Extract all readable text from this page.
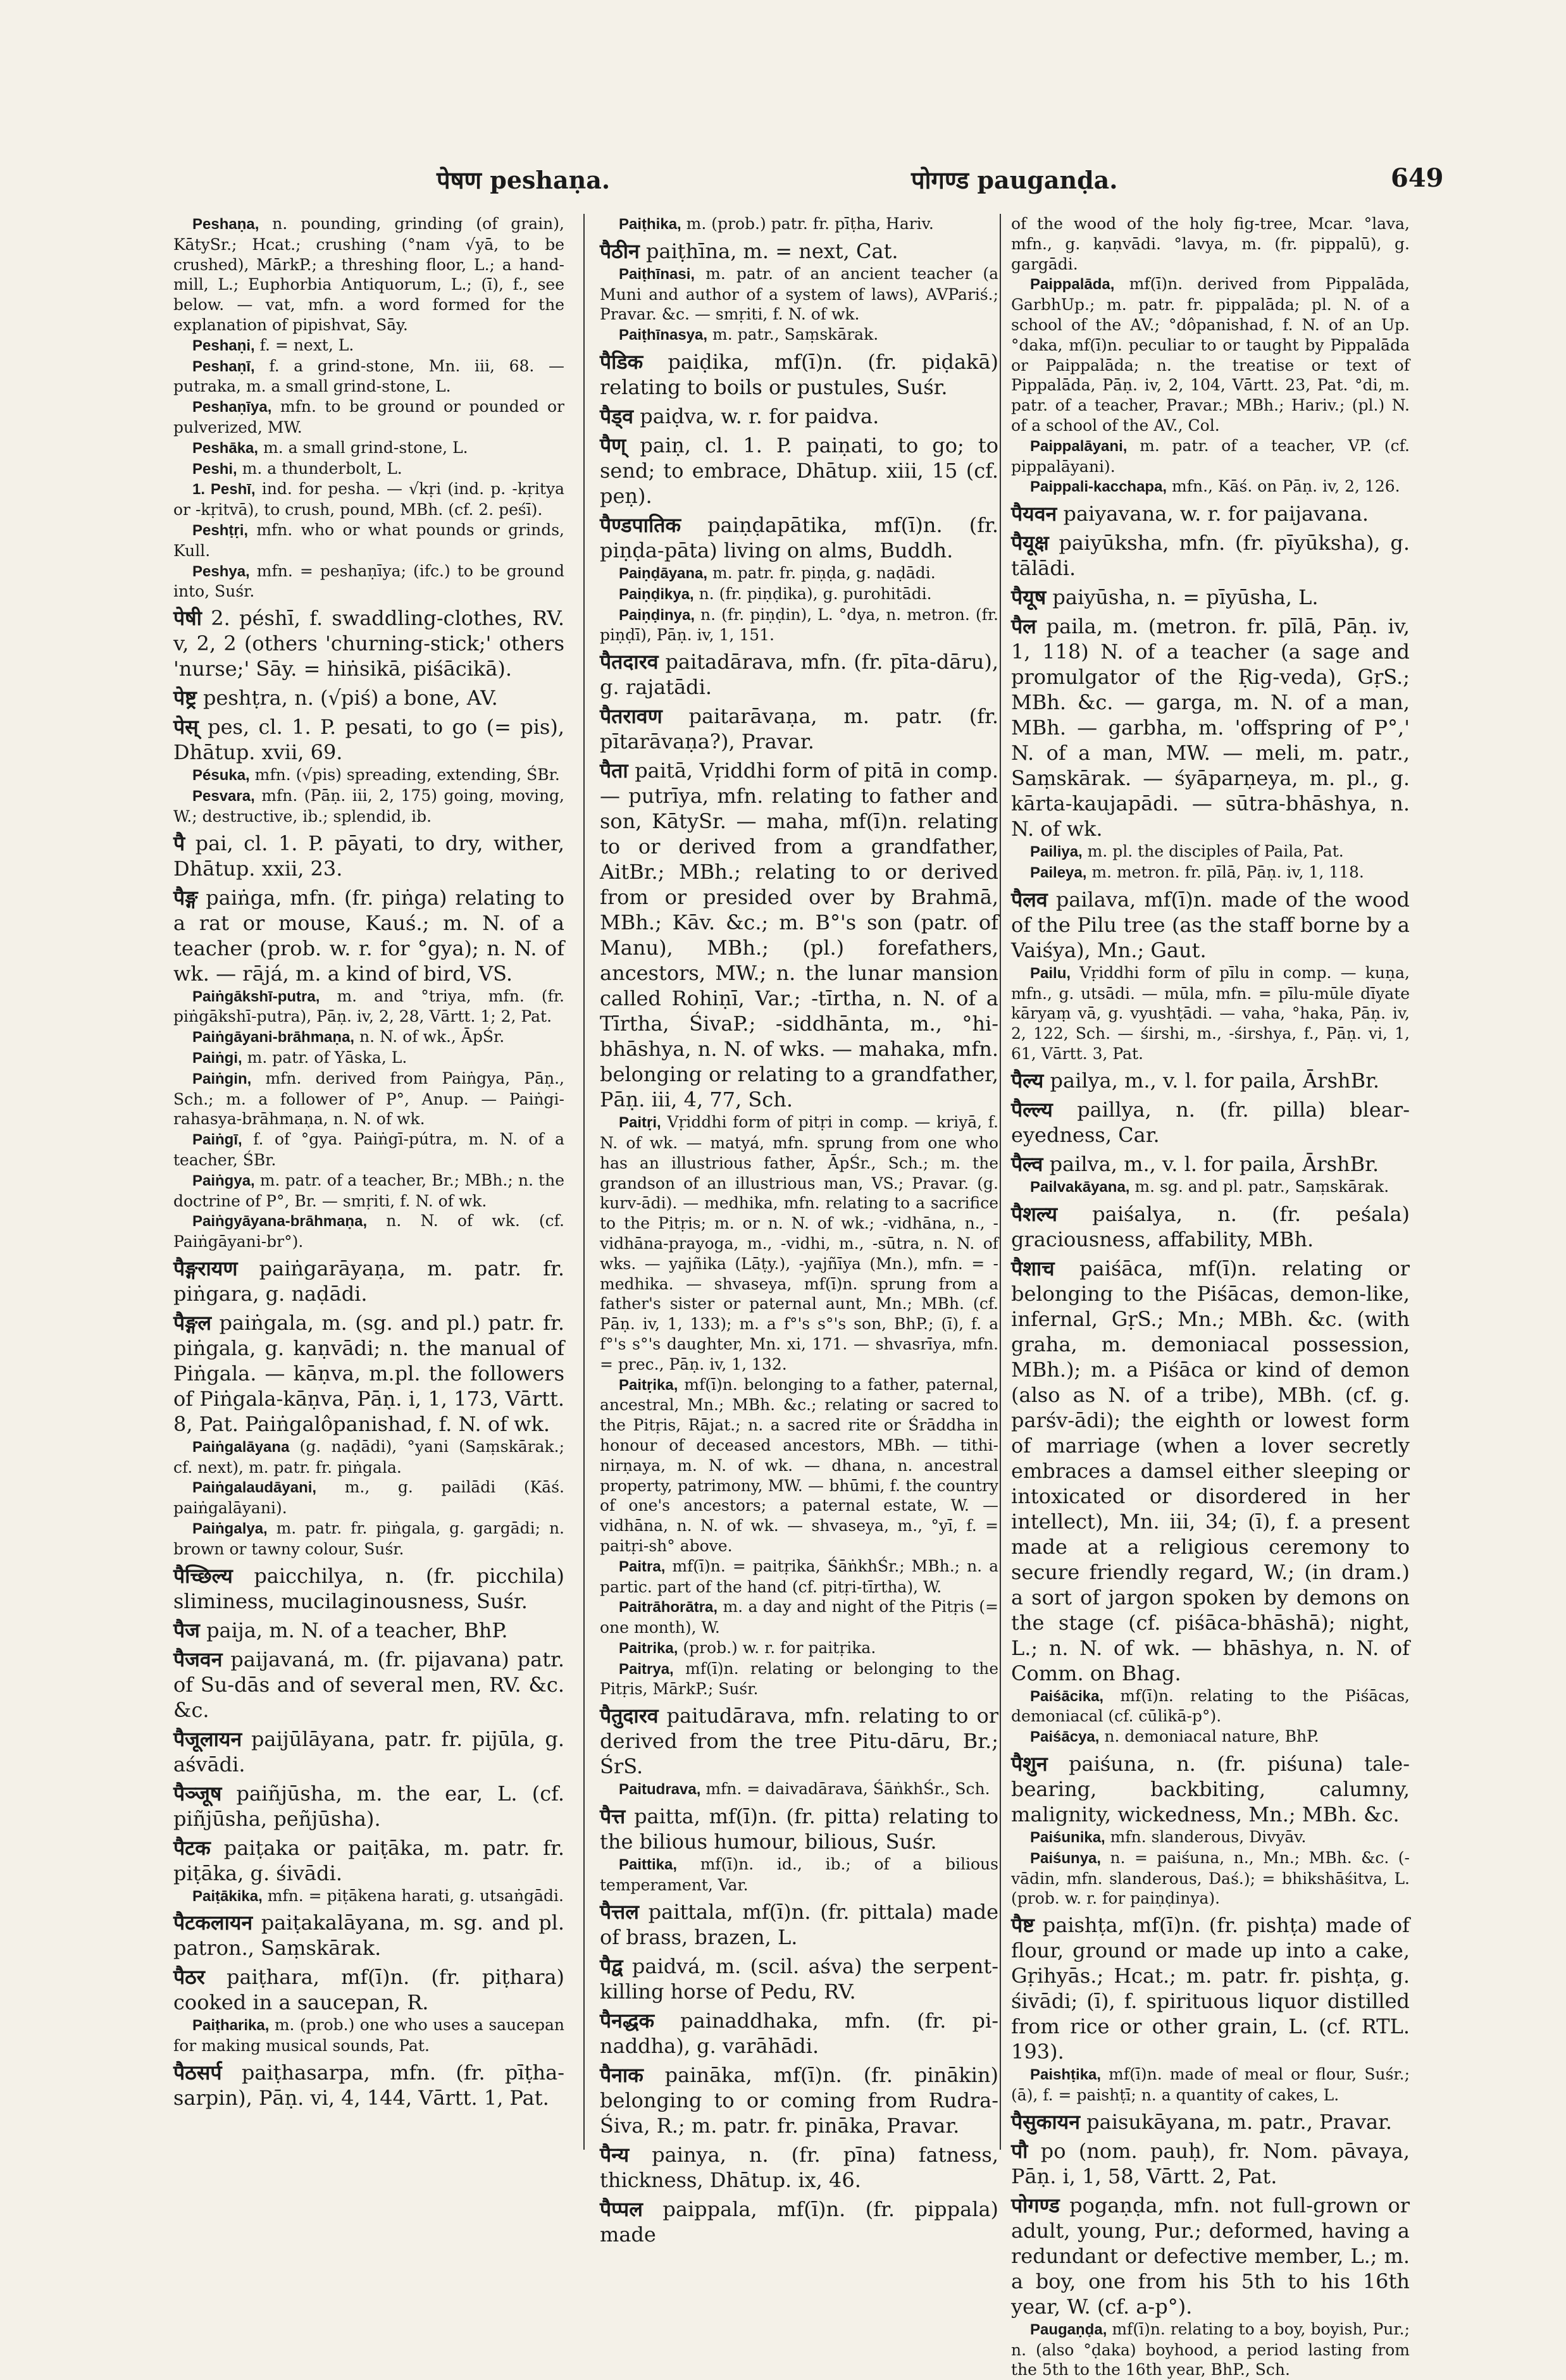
पेषण peshaṇa.	पोगण्ड pauganḍa.	649

Peshaṇa, n. pounding, grinding (of grain), KātySr.; Hcat.; crushing (°nam √yā, to be crushed), MārkP.; a threshing floor, L.; a hand-mill, L.; Euphorbia Antiquorum, L.; (ī), f., see below. — vat, mfn. a word formed for the explanation of pipishvat, Sāy.

Peshaṇi, f. = next, L.

Peshaṇī, f. a grind-stone, Mn. iii, 68. — putraka, m. a small grind-stone, L.

Peshaṇīya, mfn. to be ground or pounded or pulverized, MW.

Peshāka, m. a small grind-stone, L.

Peshi, m. a thunderbolt, L.

1. Peshī, ind. for pesha. — √kṛi (ind. p. -kṛitya or -kṛitvā), to crush, pound, MBh. (cf. 2. peśī).

Peshṭṛi, mfn. who or what pounds or grinds, Kull.

Peshya, mfn. = peshaṇīya; (ifc.) to be ground into, Suśr.

पेषी 2. péshī, f. swaddling-clothes, RV. v, 2, 2 (others 'churning-stick;' others 'nurse;' Sāy. = hiṅsikā, piśācikā).

पेष्ट्र peshṭra, n. (√piś) a bone, AV.

पेस् pes, cl. 1. P. pesati, to go (= pis), Dhātup. xvii, 69.

Pésuka, mfn. (√pis) spreading, extending, ŚBr.

Pesvara, mfn. (Pāṇ. iii, 2, 175) going, moving, W.; destructive, ib.; splendid, ib.

पै pai, cl. 1. P. pāyati, to dry, wither, Dhātup. xxii, 23.

पैङ्ग paiṅga, mfn. (fr. piṅga) relating to a rat or mouse, Kauś.; m. N. of a teacher (prob. w. r. for °gya); n. N. of wk. — rājá, m. a kind of bird, VS.

Paiṅgākshī-putra, m. and °triya, mfn. (fr. piṅgākshī-putra), Pāṇ. iv, 2, 28, Vārtt. 1; 2, Pat.

Paiṅgāyani-brāhmaṇa, n. N. of wk., ĀpŚr.

Paiṅgi, m. patr. of Yāska, L.

Paiṅgin, mfn. derived from Paiṅgya, Pāṇ., Sch.; m. a follower of P°, Anup. — Paiṅgi-rahasya-brāhmaṇa, n. N. of wk.

Paiṅgī, f. of °gya. Paiṅgī-pútra, m. N. of a teacher, ŚBr.

Paiṅgya, m. patr. of a teacher, Br.; MBh.; n. the doctrine of P°, Br. — smṛiti, f. N. of wk.

Paiṅgyāyana-brāhmaṇa, n. N. of wk. (cf. Paiṅgāyani-br°).

पैङ्गरायण paiṅgarāyaṇa, m. patr. fr. piṅgara, g. naḍādi.

पैङ्गल paiṅgala, m. (sg. and pl.) patr. fr. piṅgala, g. kaṇvādi; n. the manual of Piṅgala. — kāṇva, m.pl. the followers of Piṅgala-kāṇva, Pāṇ. i, 1, 173, Vārtt. 8, Pat. Paiṅgalôpanishad, f. N. of wk.

Paiṅgalāyana (g. naḍādi), °yani (Saṃskārak.; cf. next), m. patr. fr. piṅgala.

Paiṅgalaudāyani, m., g. pailādi (Kāś. paiṅgalāyani).

Paiṅgalya, m. patr. fr. piṅgala, g. gargādi; n. brown or tawny colour, Suśr.

पैच्छिल्य paicchilya, n. (fr. picchila) sliminess, mucilaginousness, Suśr.

पैज paija, m. N. of a teacher, BhP.

पैजवन paijavaná, m. (fr. pijavana) patr. of Su-dās and of several men, RV. &c. &c.

पैजूलायन paijūlāyana, patr. fr. pijūla, g. aśvādi.

पैञ्जूष paiñjūsha, m. the ear, L. (cf. piñjūsha, peñjūsha).

पैटक paiṭaka or paiṭāka, m. patr. fr. piṭāka, g. śivādi.

Paiṭākika, mfn. = piṭākena harati, g. utsaṅgādi.

पैटकलायन paiṭakalāyana, m. sg. and pl. patron., Saṃskārak.

पैठर paiṭhara, mf(ī)n. (fr. piṭhara) cooked in a saucepan, R.

Paiṭharika, m. (prob.) one who uses a saucepan for making musical sounds, Pat.

पैठसर्प paiṭhasarpa, mfn. (fr. pīṭha-sarpin), Pāṇ. vi, 4, 144, Vārtt. 1, Pat.

Paiṭhika, m. (prob.) patr. fr. pīṭha, Hariv.

पैठीन paiṭhīna, m. = next, Cat.

Paiṭhīnasi, m. patr. of an ancient teacher (a Muni and author of a system of laws), AVPariś.; Pravar. &c. — smṛiti, f. N. of wk.

Paiṭhīnasya, m. patr., Saṃskārak.

पैडिक paiḍika, mf(ī)n. (fr. piḍakā) relating to boils or pustules, Suśr.

पैड्व paiḍva, w. r. for paidva.

पैण् paiṇ, cl. 1. P. paiṇati, to go; to send; to embrace, Dhātup. xiii, 15 (cf. peṇ).

पैण्डपातिक paiṇḍapātika, mf(ī)n. (fr. piṇḍa-pāta) living on alms, Buddh.

Paiṇḍāyana, m. patr. fr. piṇḍa, g. naḍādi.

Paiṇḍikya, n. (fr. piṇḍika), g. purohitādi.

Paiṇḍinya, n. (fr. piṇḍin), L. °dya, n. metron. (fr. piṇḍī), Pāṇ. iv, 1, 151.

पैतदारव paitadārava, mfn. (fr. pīta-dāru), g. rajatādi.

पैतरावण paitarāvaṇa, m. patr. (fr. pītarāvaṇa?), Pravar.

पैता paitā, Vṛiddhi form of pitā in comp. — putrīya, mfn. relating to father and son, KātySr. — maha, mf(ī)n. relating to or derived from a grandfather, AitBr.; MBh.; relating to or derived from or presided over by Brahmā, MBh.; Kāv. &c.; m. B°'s son (patr. of Manu), MBh.; (pl.) forefathers, ancestors, MW.; n. the lunar mansion called Rohiṇī, Var.; -tīrtha, n. N. of a Tīrtha, ŚivaP.; -siddhānta, m., °hi-bhāshya, n. N. of wks. — mahaka, mfn. belonging or relating to a grandfather, Pāṇ. iii, 4, 77, Sch.

Paitṛi, Vṛiddhi form of pitṛi in comp. — kriyā, f. N. of wk. — matyá, mfn. sprung from one who has an illustrious father, ĀpŚr., Sch.; m. the grandson of an illustrious man, VS.; Pravar. (g. kurv-ādi). — medhika, mfn. relating to a sacrifice to the Pitṛis; m. or n. N. of wk.; -vidhāna, n., -vidhāna-prayoga, m., -vidhi, m., -sūtra, n. N. of wks. — yajñika (Lāṭy.), -yajñīya (Mn.), mfn. = -medhika. — shvaseya, mf(ī)n. sprung from a father's sister or paternal aunt, Mn.; MBh. (cf. Pāṇ. iv, 1, 133); m. a f°'s s°'s son, BhP.; (ī), f. a f°'s s°'s daughter, Mn. xi, 171. — shvasrīya, mfn. = prec., Pāṇ. iv, 1, 132.

Paitṛika, mf(ī)n. belonging to a father, paternal, ancestral, Mn.; MBh. &c.; relating or sacred to the Pitṛis, Rājat.; n. a sacred rite or Śrāddha in honour of deceased ancestors, MBh. — tithi-nirṇaya, m. N. of wk. — dhana, n. ancestral property, patrimony, MW. — bhūmi, f. the country of one's ancestors; a paternal estate, W. — vidhāna, n. N. of wk. — shvaseya, m., °yī, f. = paitṛi-sh° above.

Paitra, mf(ī)n. = paitṛika, ŚāṅkhŚr.; MBh.; n. a partic. part of the hand (cf. pitṛi-tīrtha), W.

Paitrāhorātra, m. a day and night of the Pitṛis (= one month), W.

Paitrika, (prob.) w. r. for paitṛika.

Paitrya, mf(ī)n. relating or belonging to the Pitṛis, MārkP.; Suśr.

पैतुदारव paitudārava, mfn. relating to or derived from the tree Pitu-dāru, Br.; ŚrS.

Paitudrava, mfn. = daivadārava, ŚāṅkhŚr., Sch.

पैत्त paitta, mf(ī)n. (fr. pitta) relating to the bilious humour, bilious, Suśr.

Paittika, mf(ī)n. id., ib.; of a bilious temperament, Var.

पैत्तल paittala, mf(ī)n. (fr. pittala) made of brass, brazen, L.

पैद्व paidvá, m. (scil. aśva) the serpent-killing horse of Pedu, RV.

पैनद्धक painaddhaka, mfn. (fr. pi-naddha), g. varāhādi.

पैनाक paināka, mf(ī)n. (fr. pinākin) belonging to or coming from Rudra-Śiva, R.; m. patr. fr. pināka, Pravar.

पैन्य painya, n. (fr. pīna) fatness, thickness, Dhātup. ix, 46.

पैप्पल paippala, mf(ī)n. (fr. pippala) made

of the wood of the holy fig-tree, Mcar. °lava, mfn., g. kaṇvādi. °lavya, m. (fr. pippalū), g. gargādi.

Paippalāda, mf(ī)n. derived from Pippalāda, GarbhUp.; m. patr. fr. pippalāda; pl. N. of a school of the AV.; °dôpanishad, f. N. of an Up. °daka, mf(ī)n. peculiar to or taught by Pippalāda or Paippalāda; n. the treatise or text of Pippalāda, Pāṇ. iv, 2, 104, Vārtt. 23, Pat. °di, m. patr. of a teacher, Pravar.; MBh.; Hariv.; (pl.) N. of a school of the AV., Col.

Paippalāyani, m. patr. of a teacher, VP. (cf. pippalāyani).

Paippali-kacchapa, mfn., Kāś. on Pāṇ. iv, 2, 126.

पैयवन paiyavana, w. r. for paijavana.

पैयूक्ष paiyūksha, mfn. (fr. pīyūksha), g. tālādi.

पैयूष paiyūsha, n. = pīyūsha, L.

पैल paila, m. (metron. fr. pīlā, Pāṇ. iv, 1, 118) N. of a teacher (a sage and promulgator of the Ṛig-veda), GṛS.; MBh. &c. — garga, m. N. of a man, MBh. — garbha, m. 'offspring of P°,' N. of a man, MW. — meli, m. patr., Saṃskārak. — śyāparṇeya, m. pl., g. kārta-kaujapādi. — sūtra-bhāshya, n. N. of wk.

Pailiya, m. pl. the disciples of Paila, Pat.

Paileya, m. metron. fr. pīlā, Pāṇ. iv, 1, 118.

पैलव pailava, mf(ī)n. made of the wood of the Pilu tree (as the staff borne by a Vaiśya), Mn.; Gaut.

Pailu, Vṛiddhi form of pīlu in comp. — kuṇa, mfn., g. utsādi. — mūla, mfn. = pīlu-mūle dīyate kāryaṃ vā, g. vyushṭādi. — vaha, °haka, Pāṇ. iv, 2, 122, Sch. — śirshi, m., -śirshya, f., Pāṇ. vi, 1, 61, Vārtt. 3, Pat.

पैल्य pailya, m., v. l. for paila, ĀrshBr.

पैल्ल्य paillya, n. (fr. pilla) blear-eyedness, Car.

पैल्व pailva, m., v. l. for paila, ĀrshBr.

Pailvakāyana, m. sg. and pl. patr., Saṃskārak.

पैशल्य paiśalya, n. (fr. peśala) graciousness, affability, MBh.

पैशाच paiśāca, mf(ī)n. relating or belonging to the Piśācas, demon-like, infernal, GṛS.; Mn.; MBh. &c. (with graha, m. demoniacal possession, MBh.); m. a Piśāca or kind of demon (also as N. of a tribe), MBh. (cf. g. parśv-ādi); the eighth or lowest form of marriage (when a lover secretly embraces a damsel either sleeping or intoxicated or disordered in her intellect), Mn. iii, 34; (ī), f. a present made at a religious ceremony to secure friendly regard, W.; (in dram.) a sort of jargon spoken by demons on the stage (cf. piśāca-bhāshā); night, L.; n. N. of wk. — bhāshya, n. N. of Comm. on Bhag.

Paiśācika, mf(ī)n. relating to the Piśācas, demoniacal (cf. cūlikā-p°).

Paiśācya, n. demoniacal nature, BhP.

पैशुन paiśuna, n. (fr. piśuna) tale-bearing, backbiting, calumny, malignity, wickedness, Mn.; MBh. &c.

Paiśunika, mfn. slanderous, Divyāv.

Paiśunya, n. = paiśuna, n., Mn.; MBh. &c. (-vādin, mfn. slanderous, Daś.); = bhikshāśitva, L. (prob. w. r. for paiṇḍinya).

पैष्ट paishṭa, mf(ī)n. (fr. pishṭa) made of flour, ground or made up into a cake, Gṛihyās.; Hcat.; m. patr. fr. pishṭa, g. śivādi; (ī), f. spirituous liquor distilled from rice or other grain, L. (cf. RTL. 193).

Paishṭika, mf(ī)n. made of meal or flour, Suśr.; (ā), f. = paishṭī; n. a quantity of cakes, L.

पैसुकायन paisukāyana, m. patr., Pravar.

पौ po (nom. pauḥ), fr. Nom. pāvaya, Pāṇ. i, 1, 58, Vārtt. 2, Pat.

पोगण्ड pogaṇḍa, mfn. not full-grown or adult, young, Pur.; deformed, having a redundant or defective member, L.; m. a boy, one from his 5th to his 16th year, W. (cf. a-p°).

Paugaṇḍa, mf(ī)n. relating to a boy, boyish, Pur.; n. (also °ḍaka) boyhood, a period lasting from the 5th to the 16th year, BhP., Sch.
